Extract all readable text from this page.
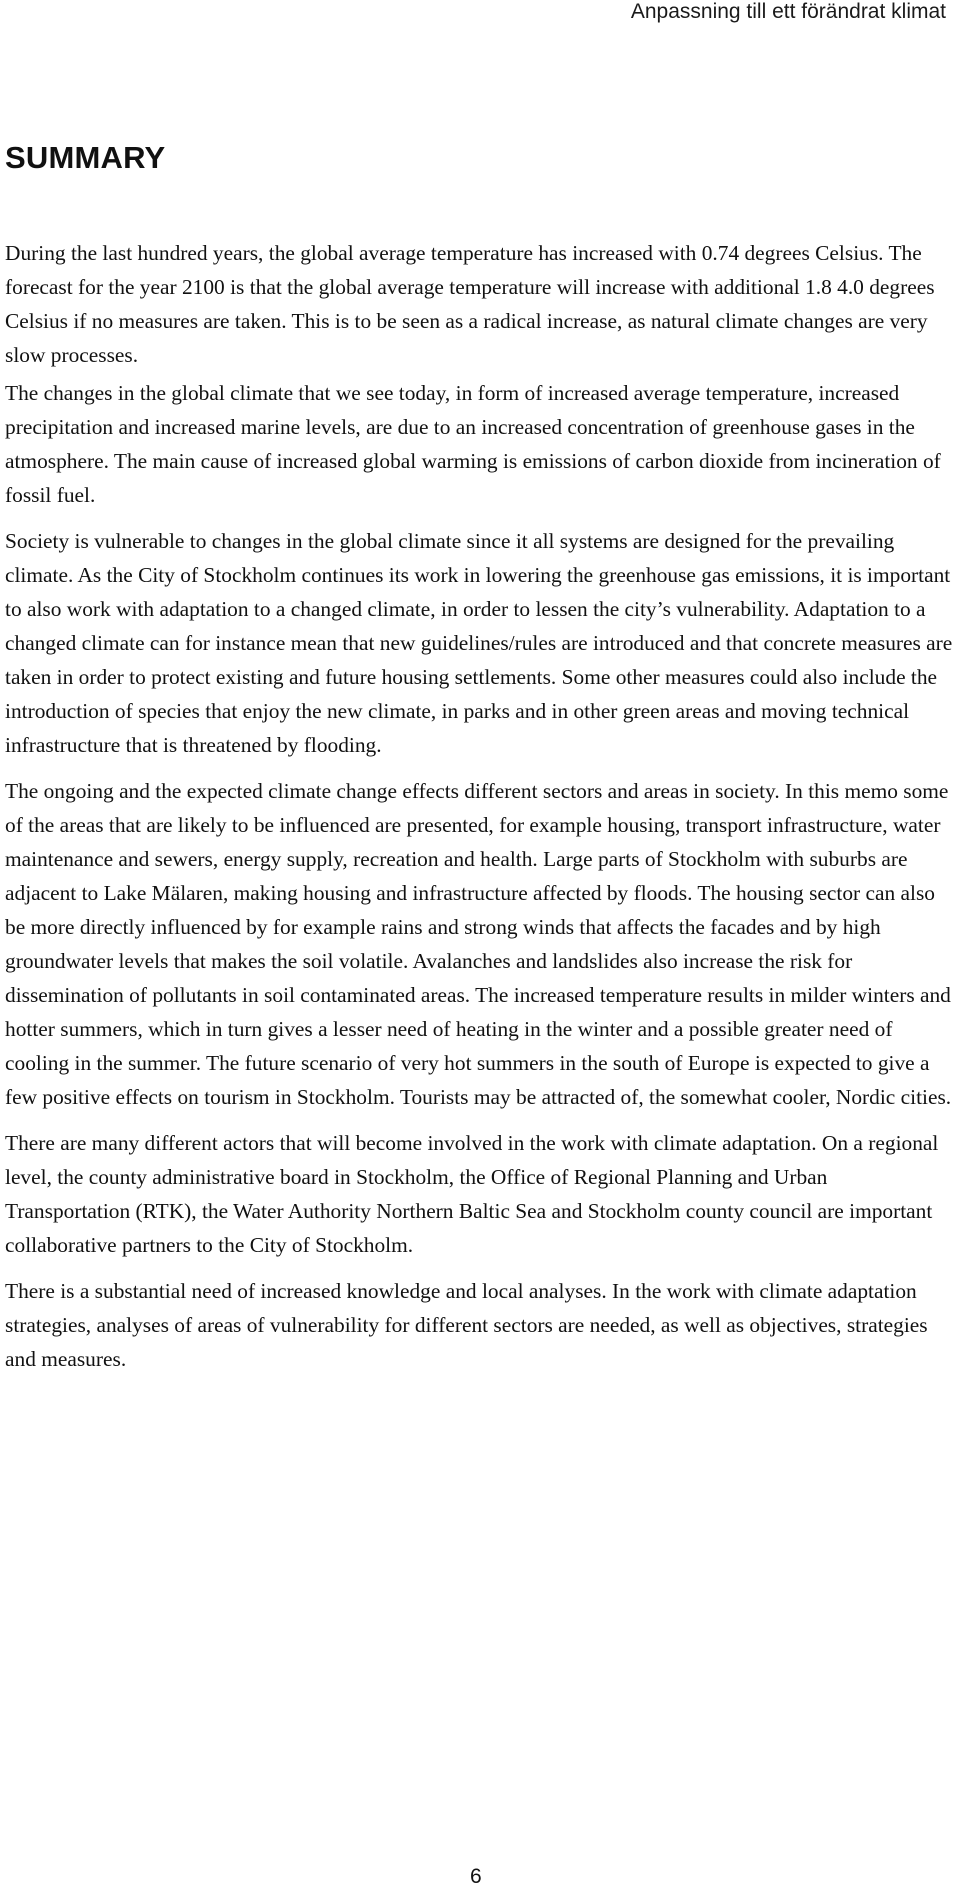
Anpassning till ett förändrat klimat
SUMMARY

During the last hundred years, the global average temperature has increased with 0.74 degrees Celsius. The forecast for the year 2100 is that the global average temperature will increase with additional 1.8 4.0 degrees Celsius if no measures are taken. This is to be seen as a radical increase, as natural climate changes are very slow processes.

The changes in the global climate that we see today, in form of increased average temperature, increased precipitation and increased marine levels, are due to an increased concentration of greenhouse gases in the atmosphere. The main cause of increased global warming is emissions of carbon dioxide from incineration of fossil fuel.

Society is vulnerable to changes in the global climate since it all systems are designed for the prevailing climate. As the City of Stockholm continues its work in lowering the greenhouse gas emissions, it is important to also work with adaptation to a changed climate, in order to lessen the city’s vulnerability. Adaptation to a changed climate can for instance mean that new guidelines/rules are introduced and that concrete measures are taken in order to protect existing and future housing settlements. Some other measures could also include the introduction of species that enjoy the new climate, in parks and in other green areas and moving technical infrastructure that is threatened by flooding.

The ongoing and the expected climate change effects different sectors and areas in society. In this memo some of the areas that are likely to be influenced are presented, for example housing, transport infrastructure, water maintenance and sewers, energy supply, recreation and health. Large parts of Stockholm with suburbs are adjacent to Lake Mälaren, making housing and infrastructure affected by floods. The housing sector can also be more directly influenced by for example rains and strong winds that affects the facades and by high groundwater levels that makes the soil volatile. Avalanches and landslides also increase the risk for dissemination of pollutants in soil contaminated areas. The increased temperature results in milder winters and hotter summers, which in turn gives a lesser need of heating in the winter and a possible greater need of cooling in the summer. The future scenario of very hot summers in the south of Europe is expected to give a few positive effects on tourism in Stockholm. Tourists may be attracted of, the somewhat cooler, Nordic cities.

There are many different actors that will become involved in the work with climate adaptation. On a regional level, the county administrative board in Stockholm, the Office of Regional Planning and Urban Transportation (RTK), the Water Authority Northern Baltic Sea and Stockholm county council are important collaborative partners to the City of Stockholm.

There is a substantial need of increased knowledge and local analyses. In the work with climate adaptation strategies, analyses of areas of vulnerability for different sectors are needed, as well as objectives, strategies and measures.

6
